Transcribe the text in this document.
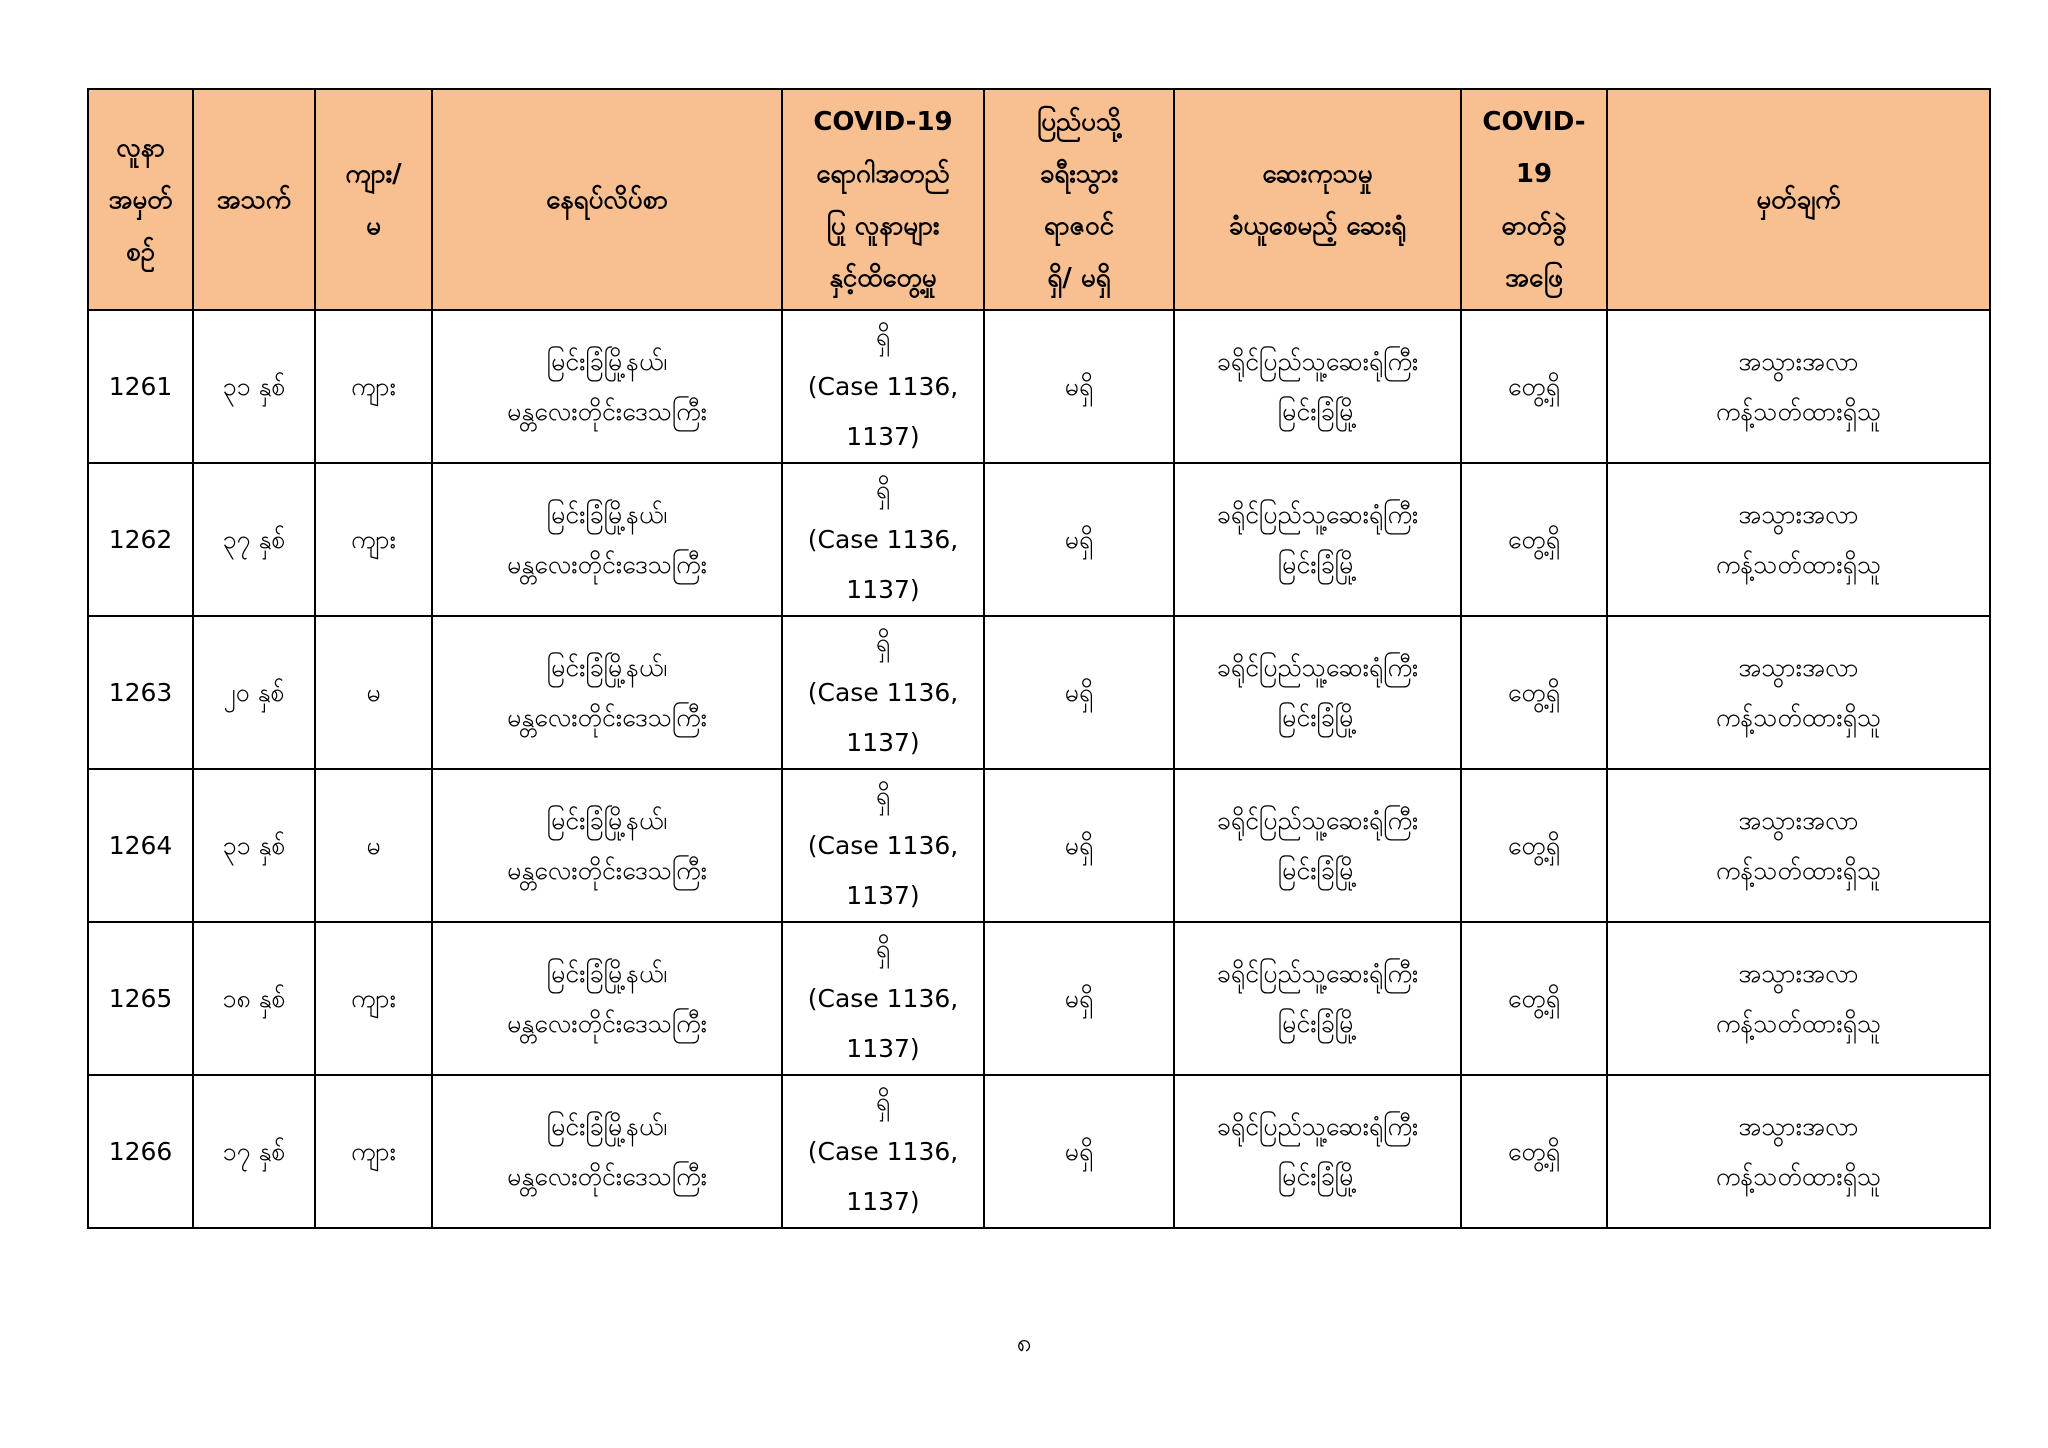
လူနာ
အမှတ်
စဉ်	အသက်	ကျား/
မ	နေရပ်လိပ်စာ	COVID-19
ရောဂါအတည်
ပြု လူနာများ
နှင့်ထိတွေ့မှု	ပြည်ပသို့
ခရီးသွား
ရာဇဝင်
ရှိ/ မရှိ	ဆေးကုသမှု
ခံယူစေမည့် ဆေးရုံ	COVID-
19
ဓာတ်ခွဲ
အဖြေ	မှတ်ချက်
1261	၃၁ နှစ်	ကျား	မြင်းခြံမြို့နယ်၊
မန္တလေးတိုင်းဒေသကြီး	ရှိ
(Case 1136,
1137)	မရှိ	ခရိုင်ပြည်သူ့ဆေးရုံကြီး
မြင်းခြံမြို့	တွေ့ရှိ	အသွားအလာ
ကန့်သတ်ထားရှိသူ
1262	၃၇ နှစ်	ကျား	မြင်းခြံမြို့နယ်၊
မန္တလေးတိုင်းဒေသကြီး	ရှိ
(Case 1136,
1137)	မရှိ	ခရိုင်ပြည်သူ့ဆေးရုံကြီး
မြင်းခြံမြို့	တွေ့ရှိ	အသွားအလာ
ကန့်သတ်ထားရှိသူ
1263	၂၀ နှစ်	မ	မြင်းခြံမြို့နယ်၊
မန္တလေးတိုင်းဒေသကြီး	ရှိ
(Case 1136,
1137)	မရှိ	ခရိုင်ပြည်သူ့ဆေးရုံကြီး
မြင်းခြံမြို့	တွေ့ရှိ	အသွားအလာ
ကန့်သတ်ထားရှိသူ
1264	၃၁ နှစ်	မ	မြင်းခြံမြို့နယ်၊
မန္တလေးတိုင်းဒေသကြီး	ရှိ
(Case 1136,
1137)	မရှိ	ခရိုင်ပြည်သူ့ဆေးရုံကြီး
မြင်းခြံမြို့	တွေ့ရှိ	အသွားအလာ
ကန့်သတ်ထားရှိသူ
1265	၁၈ နှစ်	ကျား	မြင်းခြံမြို့နယ်၊
မန္တလေးတိုင်းဒေသကြီး	ရှိ
(Case 1136,
1137)	မရှိ	ခရိုင်ပြည်သူ့ဆေးရုံကြီး
မြင်းခြံမြို့	တွေ့ရှိ	အသွားအလာ
ကန့်သတ်ထားရှိသူ
1266	၁၇ နှစ်	ကျား	မြင်းခြံမြို့နယ်၊
မန္တလေးတိုင်းဒေသကြီး	ရှိ
(Case 1136,
1137)	မရှိ	ခရိုင်ပြည်သူ့ဆေးရုံကြီး
မြင်းခြံမြို့	တွေ့ရှိ	အသွားအလာ
ကန့်သတ်ထားရှိသူ
၈
